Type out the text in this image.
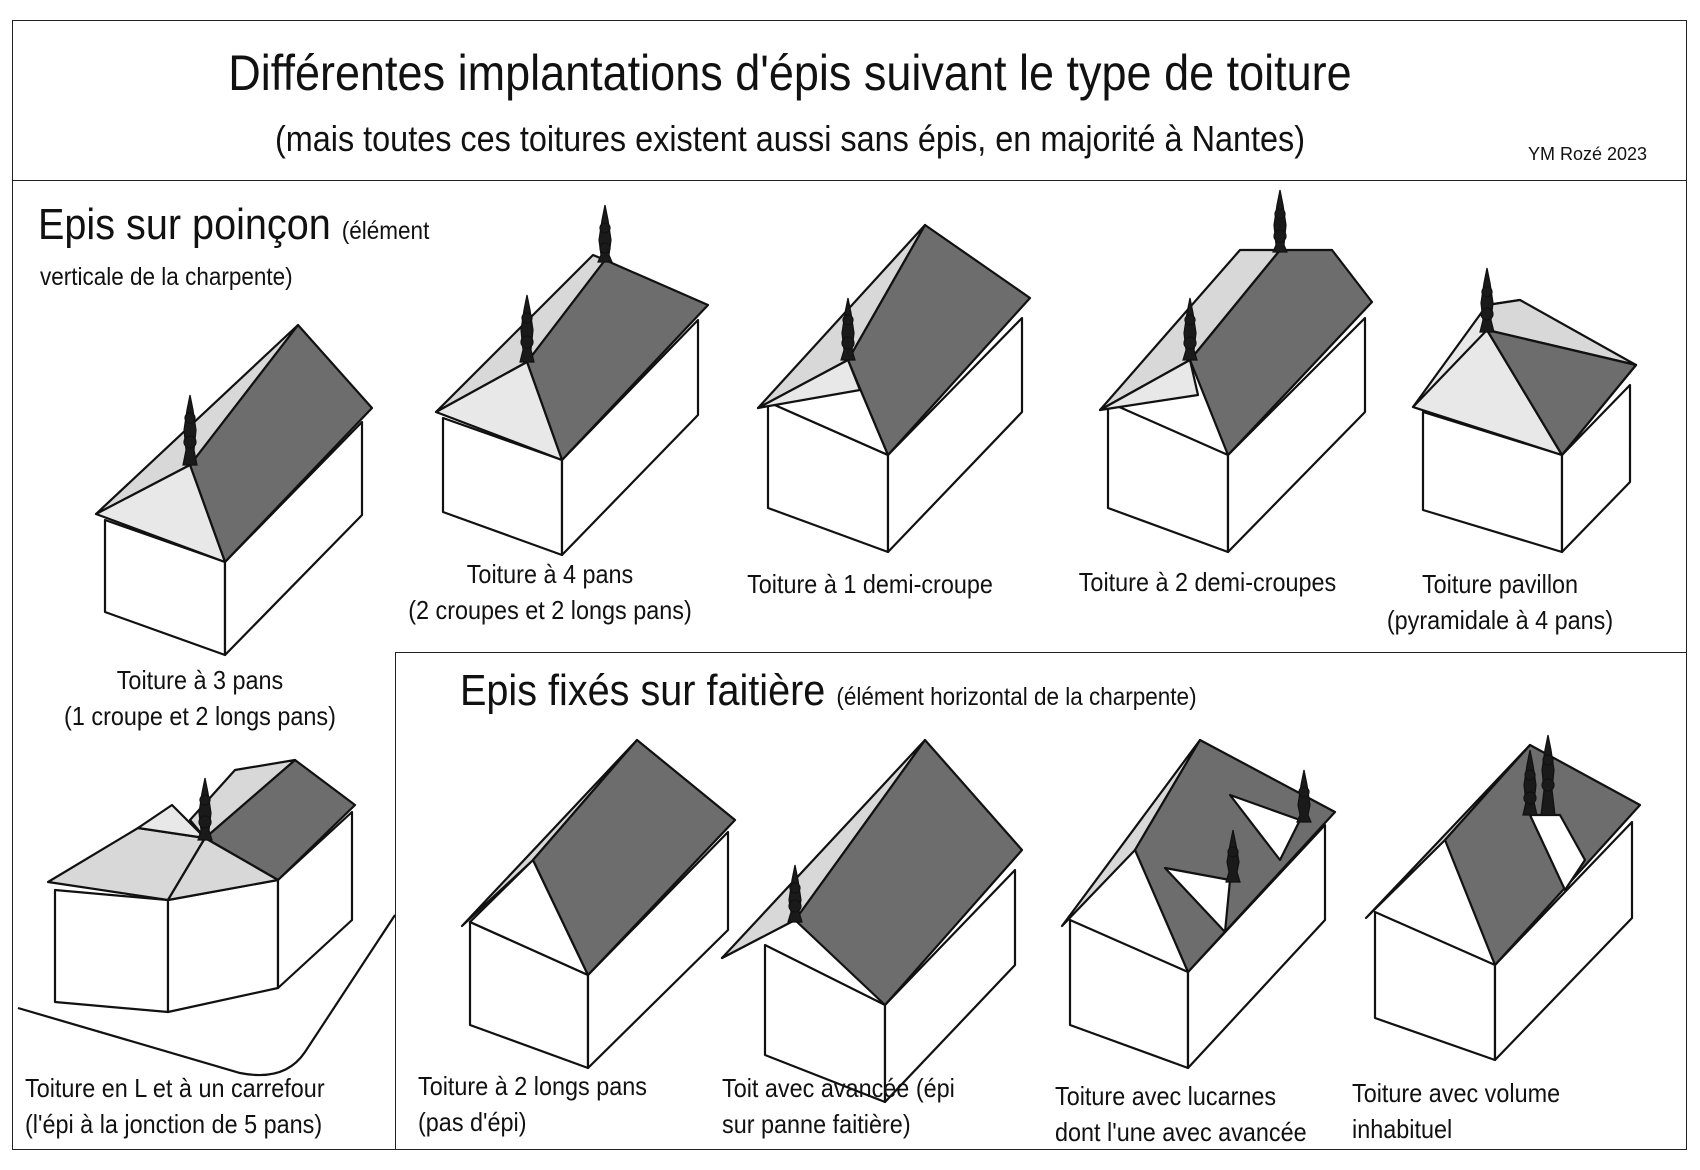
Différentes implantations d'épis suivant le type de toiture
(mais toutes ces toitures existent aussi sans épis, en majorité à Nantes)	YM Rozé 2023
Epis sur poinçon (élément
verticale de la charpente)
Epis fixés sur faitière (élément horizontal de la charpente)
Toiture à 3 pans
(1 croupe et 2 longs pans)
Toiture à 4 pans
(2 croupes et 2 longs pans)
Toiture à 1 demi-croupe	Toiture à 2 demi-croupes	Toiture pavillon
(pyramidale à 4 pans)
Toiture en L et à un carrefour
(l'épi à la jonction de 5 pans)
Toiture à 2 longs pans
(pas d'épi)
Toit avec avancée (épi
sur panne faitière)
Toiture avec lucarnes
dont l'une avec avancée
Toiture avec volume
inhabituel
